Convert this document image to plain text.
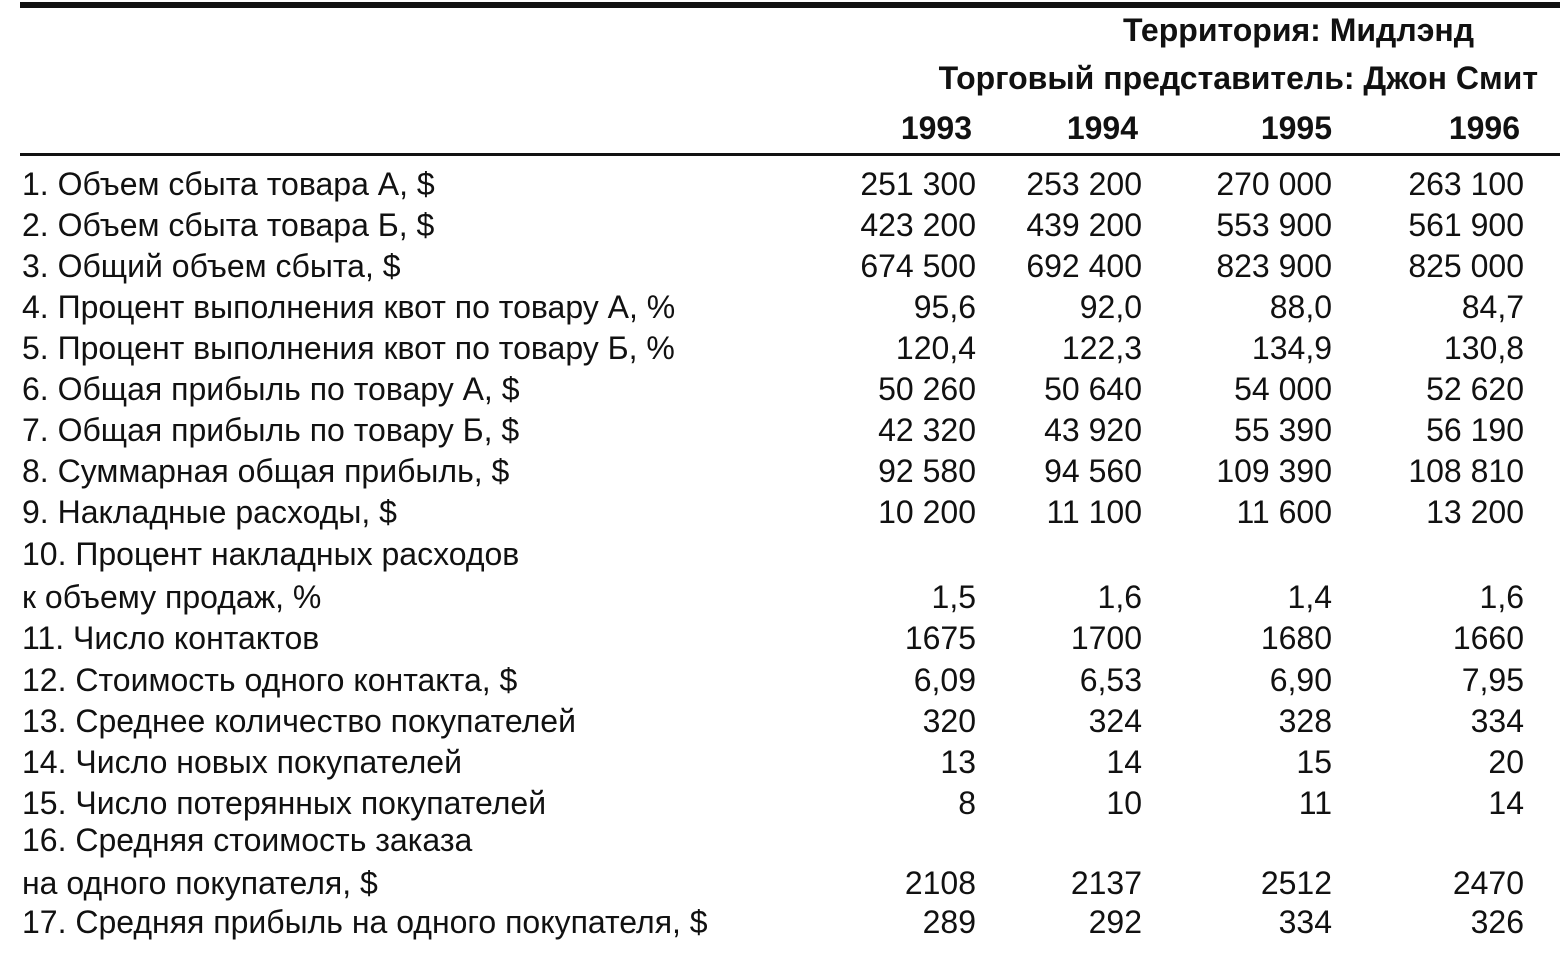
Территория: Мидлэнд
Торговый представитель: Джон Смит
1993	1994	1995	1996
1. Объем сбыта товара А, $	251 300	253 200	270 000	263 100
2. Объем сбыта товара Б, $	423 200	439 200	553 900	561 900
3. Общий объем сбыта, $	674 500	692 400	823 900	825 000
4. Процент выполнения квот по товару А, %	95,6	92,0	88,0	84,7
5. Процент выполнения квот по товару Б, %	120,4	122,3	134,9	130,8
6. Общая прибыль по товару А, $	50 260	50 640	54 000	52 620
7. Общая прибыль по товару Б, $	42 320	43 920	55 390	56 190
8. Суммарная общая прибыль, $	92 580	94 560	109 390	108 810
9. Накладные расходы, $	10 200	11 100	11 600	13 200
10. Процент накладных расходов
к объему продаж, %	1,5	1,6	1,4	1,6
11. Число контактов	1675	1700	1680	1660
12. Стоимость одного контакта, $	6,09	6,53	6,90	7,95
13. Среднее количество покупателей	320	324	328	334
14. Число новых покупателей	13	14	15	20
15. Число потерянных покупателей	8	10	11	14
16. Средняя стоимость заказа
на одного покупателя, $	2108	2137	2512	2470
17. Средняя прибыль на одного покупателя, $	289	292	334	326
